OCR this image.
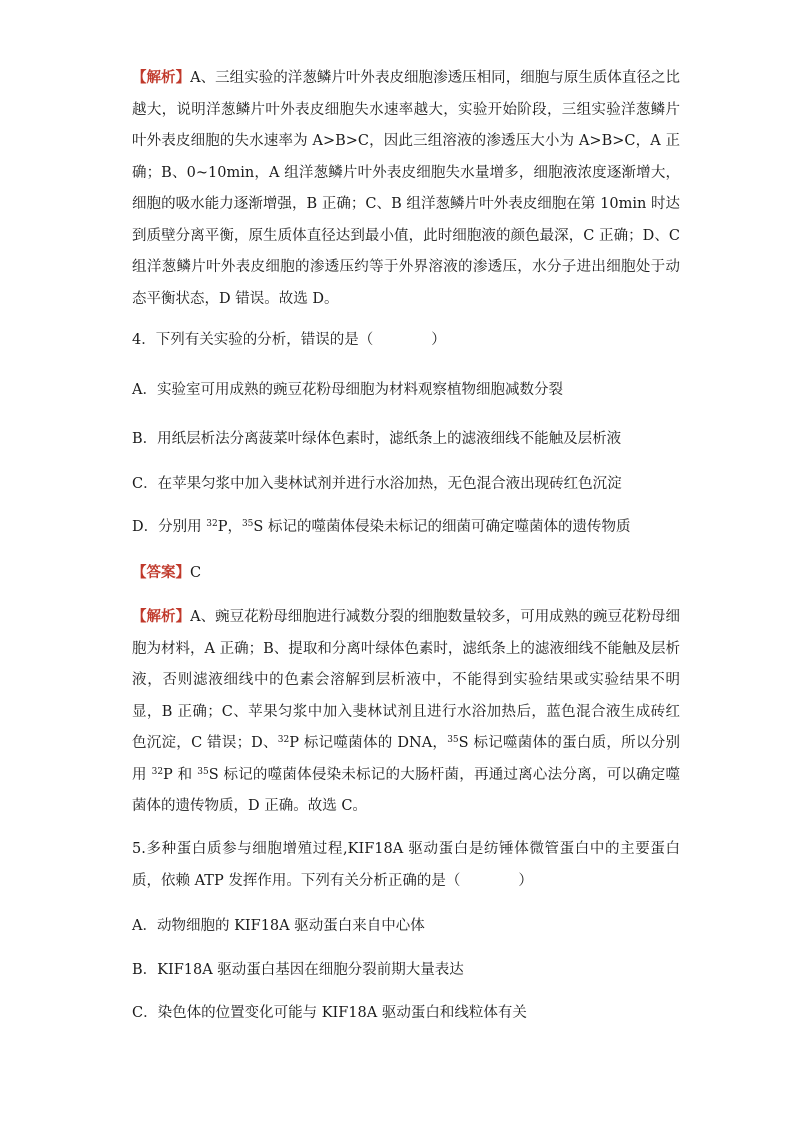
【解析】A、三组实验的洋葱鳞片叶外表皮细胞渗透压相同，细胞与原生质体直径之比越大，说明洋葱鳞片叶外表皮细胞失水速率越大，实验开始阶段，三组实验洋葱鳞片叶外表皮细胞的失水速率为 A>B>C，因此三组溶液的渗透压大小为 A>B>C，A 正确；B、0~10min，A 组洋葱鳞片叶外表皮细胞失水量增多，细胞液浓度逐渐增大，细胞的吸水能力逐渐增强，B 正确；C、B 组洋葱鳞片叶外表皮细胞在第 10min 时达到质壁分离平衡，原生质体直径达到最小值，此时细胞液的颜色最深，C 正确；D、C 组洋葱鳞片叶外表皮细胞的渗透压约等于外界溶液的渗透压，水分子进出细胞处于动态平衡状态，D 错误。故选 D。

4．下列有关实验的分析，错误的是（　　　　）

A．实验室可用成熟的豌豆花粉母细胞为材料观察植物细胞减数分裂

B．用纸层析法分离菠菜叶绿体色素时，滤纸条上的滤液细线不能触及层析液

C．在苹果匀浆中加入斐林试剂并进行水浴加热，无色混合液出现砖红色沉淀

D．分别用 $^{32}$P，$^{35}$S 标记的噬菌体侵染未标记的细菌可确定噬菌体的遗传物质

【答案】C

【解析】A、豌豆花粉母细胞进行减数分裂的细胞数量较多，可用成熟的豌豆花粉母细胞为材料，A 正确；B、提取和分离叶绿体色素时，滤纸条上的滤液细线不能触及层析液，否则滤液细线中的色素会溶解到层析液中，不能得到实验结果或实验结果不明显，B 正确；C、苹果匀浆中加入斐林试剂且进行水浴加热后，蓝色混合液生成砖红色沉淀，C 错误；D、$^{32}$P 标记噬菌体的 DNA，$^{35}$S 标记噬菌体的蛋白质，所以分别用 $^{32}$P 和 $^{35}$S 标记的噬菌体侵染未标记的大肠杆菌，再通过离心法分离，可以确定噬菌体的遗传物质，D 正确。故选 C。

5.多种蛋白质参与细胞增殖过程,KIF18A 驱动蛋白是纺锤体微管蛋白中的主要蛋白质，依赖 ATP 发挥作用。下列有关分析正确的是（　　　　）

A．动物细胞的 KIF18A 驱动蛋白来自中心体

B．KIF18A 驱动蛋白基因在细胞分裂前期大量表达

C．染色体的位置变化可能与 KIF18A 驱动蛋白和线粒体有关
